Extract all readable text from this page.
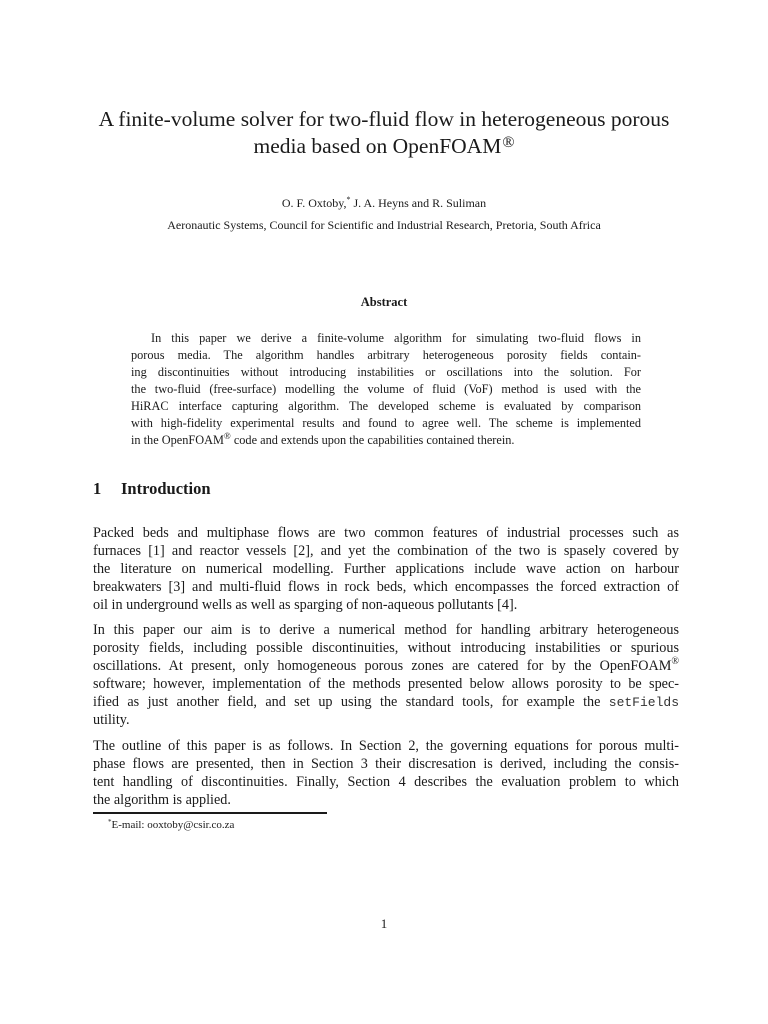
A finite-volume solver for two-fluid flow in heterogeneous porous
media based on OpenFOAM®
O. F. Oxtoby,* J. A. Heyns and R. Suliman
Aeronautic Systems, Council for Scientific and Industrial Research, Pretoria, South Africa
Abstract
In this paper we derive a finite-volume algorithm for simulating two-fluid flows in
porous media. The algorithm handles arbitrary heterogeneous porosity fields contain-
ing discontinuities without introducing instabilities or oscillations into the solution. For
the two-fluid (free-surface) modelling the volume of fluid (VoF) method is used with the
HiRAC interface capturing algorithm. The developed scheme is evaluated by comparison
with high-fidelity experimental results and found to agree well. The scheme is implemented
in the OpenFOAM® code and extends upon the capabilities contained therein.
1 Introduction
Packed beds and multiphase flows are two common features of industrial processes such as
furnaces [1] and reactor vessels [2], and yet the combination of the two is spasely covered by
the literature on numerical modelling. Further applications include wave action on harbour
breakwaters [3] and multi-fluid flows in rock beds, which encompasses the forced extraction of
oil in underground wells as well as sparging of non-aqueous pollutants [4].
In this paper our aim is to derive a numerical method for handling arbitrary heterogeneous
porosity fields, including possible discontinuities, without introducing instabilities or spurious
oscillations. At present, only homogeneous porous zones are catered for by the OpenFOAM®
software; however, implementation of the methods presented below allows porosity to be spec-
ified as just another field, and set up using the standard tools, for example the setFields
utility.
The outline of this paper is as follows. In Section 2, the governing equations for porous multi-
phase flows are presented, then in Section 3 their discresation is derived, including the consis-
tent handling of discontinuities. Finally, Section 4 describes the evaluation problem to which
the algorithm is applied.
*E-mail: ooxtoby@csir.co.za
1
